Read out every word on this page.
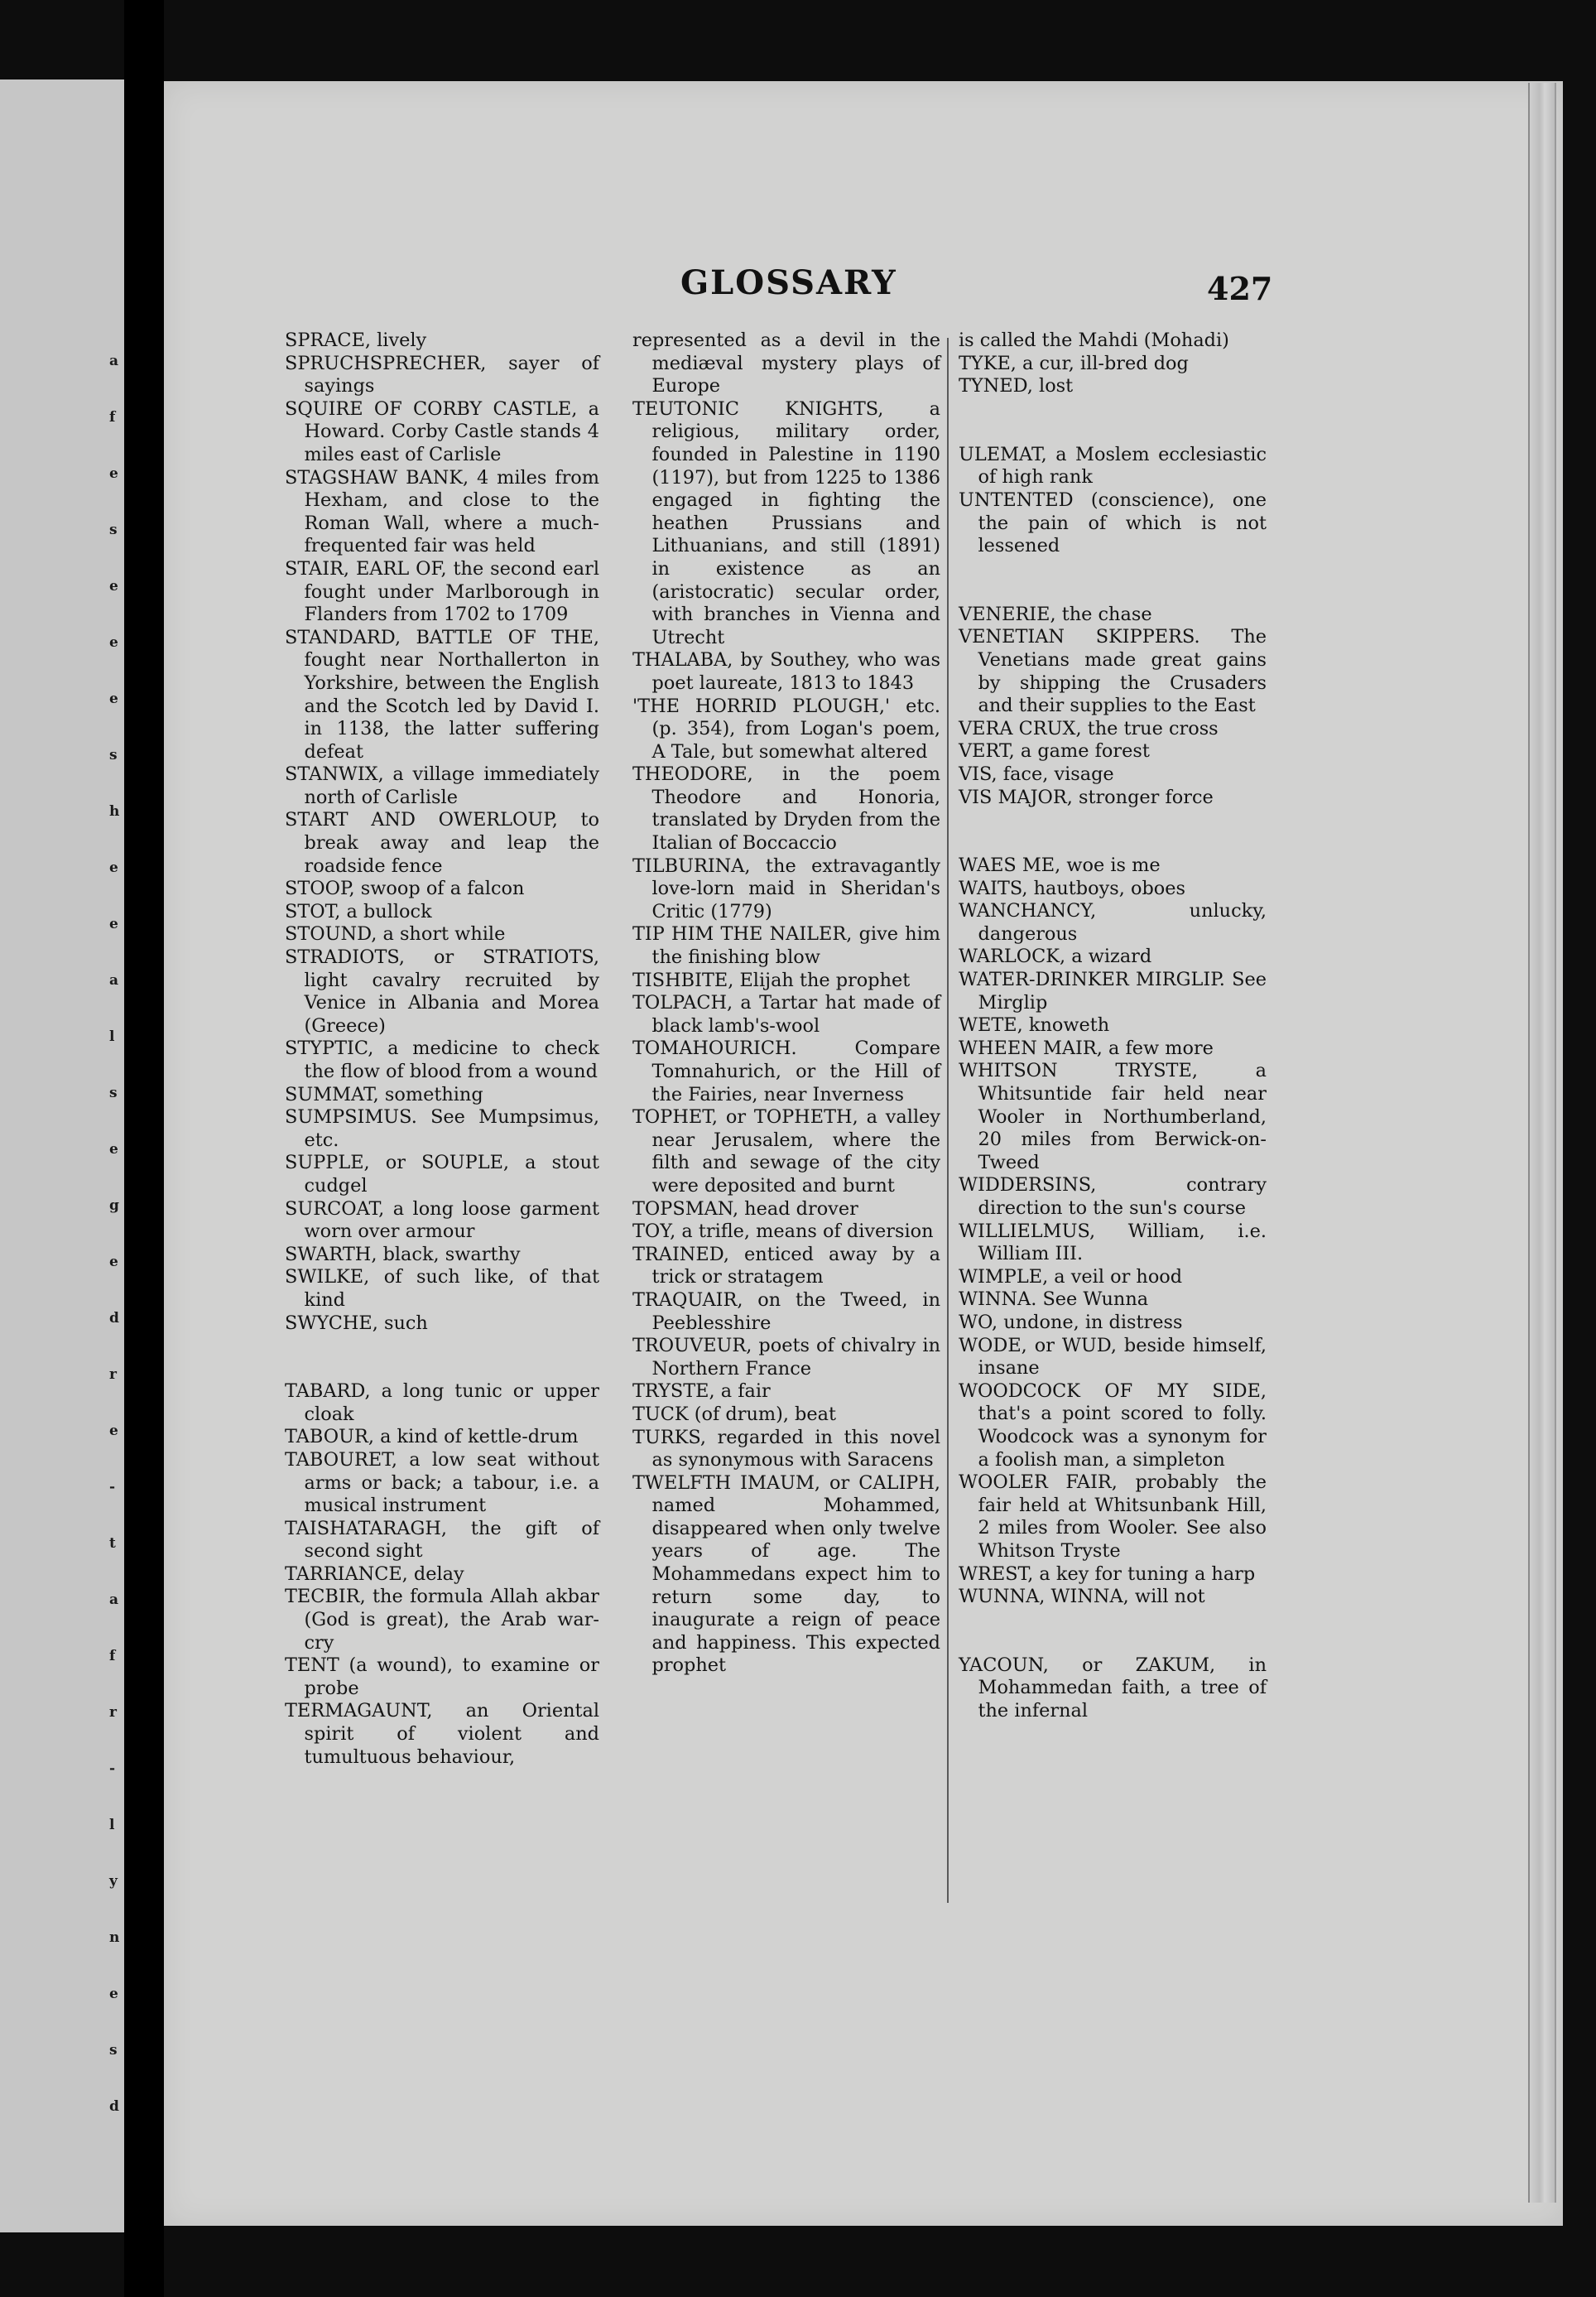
a
f
e
s
e
e
e
s
h
e
e
a
l
s
e
g
e
d
r
e
-
t
a
f
r
-
l
y
n
e
s
d
GLOSSARY	427

SPRACE, lively

SPRUCHSPRECHER, sayer of sayings

SQUIRE OF CORBY CASTLE, a Howard. Corby Castle stands 4 miles east of Carlisle

STAGSHAW BANK, 4 miles from Hexham, and close to the Roman Wall, where a much-frequented fair was held

STAIR, EARL OF, the second earl fought under Marlborough in Flanders from 1702 to 1709

STANDARD, BATTLE OF THE, fought near Northallerton in Yorkshire, between the English and the Scotch led by David I. in 1138, the latter suffering defeat

STANWIX, a village immediately north of Carlisle

START AND OWERLOUP, to break away and leap the roadside fence

STOOP, swoop of a falcon

STOT, a bullock

STOUND, a short while

STRADIOTS, or STRATIOTS, light cavalry recruited by Venice in Albania and Morea (Greece)

STYPTIC, a medicine to check the flow of blood from a wound

SUMMAT, something

SUMPSIMUS. See Mumpsimus, etc.

SUPPLE, or SOUPLE, a stout cudgel

SURCOAT, a long loose garment worn over armour

SWARTH, black, swarthy

SWILKE, of such like, of that kind

SWYCHE, such

TABARD, a long tunic or upper cloak

TABOUR, a kind of kettle-drum

TABOURET, a low seat without arms or back; a tabour, i.e. a musical instrument

TAISHATARAGH, the gift of second sight

TARRIANCE, delay

TECBIR, the formula Allah akbar (God is great), the Arab war-cry

TENT (a wound), to examine or probe

TERMAGAUNT, an Oriental spirit of violent and tumultuous behaviour,

represented as a devil in the mediæval mystery plays of Europe

TEUTONIC KNIGHTS, a religious, military order, founded in Palestine in 1190 (1197), but from 1225 to 1386 engaged in fighting the heathen Prussians and Lithuanians, and still (1891) in existence as an (aristocratic) secular order, with branches in Vienna and Utrecht

THALABA, by Southey, who was poet laureate, 1813 to 1843

'THE HORRID PLOUGH,' etc. (p. 354), from Logan's poem, A Tale, but somewhat altered

THEODORE, in the poem Theodore and Honoria, translated by Dryden from the Italian of Boccaccio

TILBURINA, the extravagantly love-lorn maid in Sheridan's Critic (1779)

TIP HIM THE NAILER, give him the finishing blow

TISHBITE, Elijah the prophet

TOLPACH, a Tartar hat made of black lamb's-wool

TOMAHOURICH. Compare Tomnahurich, or the Hill of the Fairies, near Inverness

TOPHET, or TOPHETH, a valley near Jerusalem, where the filth and sewage of the city were deposited and burnt

TOPSMAN, head drover

TOY, a trifle, means of diversion

TRAINED, enticed away by a trick or stratagem

TRAQUAIR, on the Tweed, in Peeblesshire

TROUVEUR, poets of chivalry in Northern France

TRYSTE, a fair

TUCK (of drum), beat

TURKS, regarded in this novel as synonymous with Saracens

TWELFTH IMAUM, or CALIPH, named Mohammed, disappeared when only twelve years of age. The Mohammedans expect him to return some day, to inaugurate a reign of peace and happiness. This expected prophet

is called the Mahdi (Mohadi)

TYKE, a cur, ill-bred dog

TYNED, lost

ULEMAT, a Moslem ecclesiastic of high rank

UNTENTED (conscience), one the pain of which is not lessened

VENERIE, the chase

VENETIAN SKIPPERS. The Venetians made great gains by shipping the Crusaders and their supplies to the East

VERA CRUX, the true cross

VERT, a game forest

VIS, face, visage

VIS MAJOR, stronger force

WAES ME, woe is me

WAITS, hautboys, oboes

WANCHANCY, unlucky, dangerous

WARLOCK, a wizard

WATER-DRINKER MIRGLIP. See Mirglip

WETE, knoweth

WHEEN MAIR, a few more

WHITSON TRYSTE, a Whitsuntide fair held near Wooler in Northumberland, 20 miles from Berwick-on-Tweed

WIDDERSINS, contrary direction to the sun's course

WILLIELMUS, William, i.e. William III.

WIMPLE, a veil or hood

WINNA. See Wunna

WO, undone, in distress

WODE, or WUD, beside himself, insane

WOODCOCK OF MY SIDE, that's a point scored to folly. Woodcock was a synonym for a foolish man, a simpleton

WOOLER FAIR, probably the fair held at Whitsunbank Hill, 2 miles from Wooler. See also Whitson Tryste

WREST, a key for tuning a harp

WUNNA, WINNA, will not

YACOUN, or ZAKUM, in Mohammedan faith, a tree of the infernal
